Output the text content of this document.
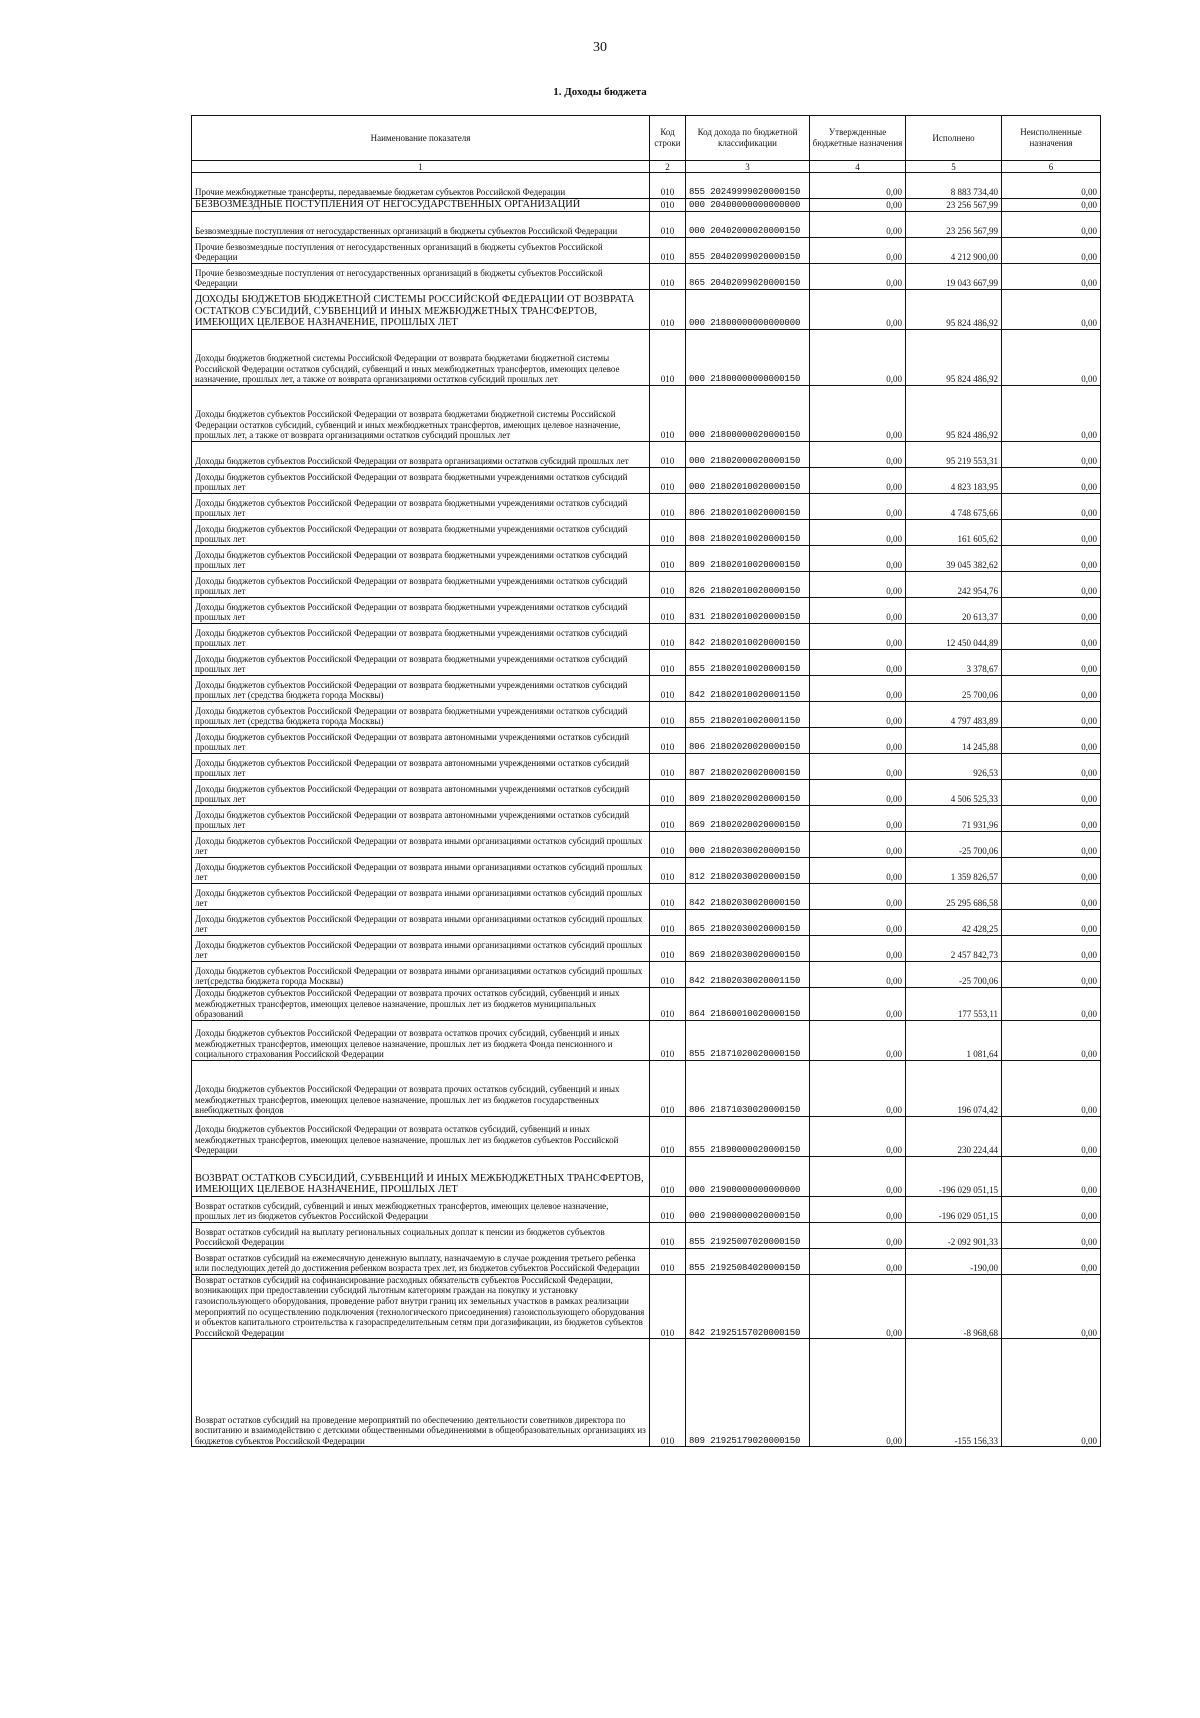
30
1. Доходы бюджета
Наименование показателя	Код строки	Код дохода по бюджетной классификации	Утвержденные бюджетные назначения	Исполнено	Неисполненные назначения
1	2	3	4	5	6
Прочие межбюджетные трансферты, передаваемые бюджетам субъектов Российской Федерации	010	855 20249999020000150	0,00	8 883 734,40	0,00
БЕЗВОЗМЕЗДНЫЕ ПОСТУПЛЕНИЯ ОТ НЕГОСУДАРСТВЕННЫХ ОРГАНИЗАЦИЙ	010	000 20400000000000000	0,00	23 256 567,99	0,00
Безвозмездные поступления от негосударственных организаций в бюджеты субъектов Российской Федерации	010	000 20402000020000150	0,00	23 256 567,99	0,00
Прочие безвозмездные поступления от негосударственных организаций в бюджеты субъектов Российской Федерации	010	855 20402099020000150	0,00	4 212 900,00	0,00
Прочие безвозмездные поступления от негосударственных организаций в бюджеты субъектов Российской Федерации	010	865 20402099020000150	0,00	19 043 667,99	0,00
ДОХОДЫ БЮДЖЕТОВ БЮДЖЕТНОЙ СИСТЕМЫ РОССИЙСКОЙ ФЕДЕРАЦИИ ОТ ВОЗВРАТА ОСТАТКОВ СУБСИДИЙ, СУБВЕНЦИЙ И ИНЫХ МЕЖБЮДЖЕТНЫХ ТРАНСФЕРТОВ, ИМЕЮЩИХ ЦЕЛЕВОЕ НАЗНАЧЕНИЕ, ПРОШЛЫХ ЛЕТ	010	000 21800000000000000	0,00	95 824 486,92	0,00
Доходы бюджетов бюджетной системы Российской Федерации от возврата бюджетами бюджетной системы Российской Федерации остатков субсидий, субвенций и иных межбюджетных трансфертов, имеющих целевое назначение, прошлых лет, а также от возврата организациями остатков субсидий прошлых лет	010	000 21800000000000150	0,00	95 824 486,92	0,00
Доходы бюджетов субъектов Российской Федерации от возврата бюджетами бюджетной системы Российской Федерации остатков субсидий, субвенций и иных межбюджетных трансфертов, имеющих целевое назначение, прошлых лет, а также от возврата организациями остатков субсидий прошлых лет	010	000 21800000020000150	0,00	95 824 486,92	0,00
Доходы бюджетов субъектов Российской Федерации от возврата организациями остатков субсидий прошлых лет	010	000 21802000020000150	0,00	95 219 553,31	0,00
Доходы бюджетов субъектов Российской Федерации от возврата бюджетными учреждениями остатков субсидий прошлых лет	010	000 21802010020000150	0,00	4 823 183,95	0,00
Доходы бюджетов субъектов Российской Федерации от возврата бюджетными учреждениями остатков субсидий прошлых лет	010	806 21802010020000150	0,00	4 748 675,66	0,00
Доходы бюджетов субъектов Российской Федерации от возврата бюджетными учреждениями остатков субсидий прошлых лет	010	808 21802010020000150	0,00	161 605,62	0,00
Доходы бюджетов субъектов Российской Федерации от возврата бюджетными учреждениями остатков субсидий прошлых лет	010	809 21802010020000150	0,00	39 045 382,62	0,00
Доходы бюджетов субъектов Российской Федерации от возврата бюджетными учреждениями остатков субсидий прошлых лет	010	826 21802010020000150	0,00	242 954,76	0,00
Доходы бюджетов субъектов Российской Федерации от возврата бюджетными учреждениями остатков субсидий прошлых лет	010	831 21802010020000150	0,00	20 613,37	0,00
Доходы бюджетов субъектов Российской Федерации от возврата бюджетными учреждениями остатков субсидий прошлых лет	010	842 21802010020000150	0,00	12 450 044,89	0,00
Доходы бюджетов субъектов Российской Федерации от возврата бюджетными учреждениями остатков субсидий прошлых лет	010	855 21802010020000150	0,00	3 378,67	0,00
Доходы бюджетов субъектов Российской Федерации от возврата бюджетными учреждениями остатков субсидий прошлых лет (средства бюджета города Москвы)	010	842 21802010020001150	0,00	25 700,06	0,00
Доходы бюджетов субъектов Российской Федерации от возврата бюджетными учреждениями остатков субсидий прошлых лет (средства бюджета города Москвы)	010	855 21802010020001150	0,00	4 797 483,89	0,00
Доходы бюджетов субъектов Российской Федерации от возврата автономными учреждениями остатков субсидий прошлых лет	010	806 21802020020000150	0,00	14 245,88	0,00
Доходы бюджетов субъектов Российской Федерации от возврата автономными учреждениями остатков субсидий прошлых лет	010	807 21802020020000150	0,00	926,53	0,00
Доходы бюджетов субъектов Российской Федерации от возврата автономными учреждениями остатков субсидий прошлых лет	010	809 21802020020000150	0,00	4 506 525,33	0,00
Доходы бюджетов субъектов Российской Федерации от возврата автономными учреждениями остатков субсидий прошлых лет	010	869 21802020020000150	0,00	71 931,96	0,00
Доходы бюджетов субъектов Российской Федерации от возврата иными организациями остатков субсидий прошлых лет	010	000 21802030020000150	0,00	-25 700,06	0,00
Доходы бюджетов субъектов Российской Федерации от возврата иными организациями остатков субсидий прошлых лет	010	812 21802030020000150	0,00	1 359 826,57	0,00
Доходы бюджетов субъектов Российской Федерации от возврата иными организациями остатков субсидий прошлых лет	010	842 21802030020000150	0,00	25 295 686,58	0,00
Доходы бюджетов субъектов Российской Федерации от возврата иными организациями остатков субсидий прошлых лет	010	865 21802030020000150	0,00	42 428,25	0,00
Доходы бюджетов субъектов Российской Федерации от возврата иными организациями остатков субсидий прошлых лет	010	869 21802030020000150	0,00	2 457 842,73	0,00
Доходы бюджетов субъектов Российской Федерации от возврата иными организациями остатков субсидий прошлых лет(средства бюджета города Москвы)	010	842 21802030020001150	0,00	-25 700,06	0,00
Доходы бюджетов субъектов Российской Федерации от возврата прочих остатков субсидий, субвенций и иных межбюджетных трансфертов, имеющих целевое назначение, прошлых лет из бюджетов муниципальных образований	010	864 21860010020000150	0,00	177 553,11	0,00
Доходы бюджетов субъектов Российской Федерации от возврата остатков прочих субсидий, субвенций и иных межбюджетных трансфертов, имеющих целевое назначение, прошлых лет из бюджета Фонда пенсионного и социального страхования Российской Федерации	010	855 21871020020000150	0,00	1 081,64	0,00
Доходы бюджетов субъектов Российской Федерации от возврата прочих остатков субсидий, субвенций и иных межбюджетных трансфертов, имеющих целевое назначение, прошлых лет из бюджетов государственных внебюджетных фондов	010	806 21871030020000150	0,00	196 074,42	0,00
Доходы бюджетов субъектов Российской Федерации от возврата остатков субсидий, субвенций и иных межбюджетных трансфертов, имеющих целевое назначение, прошлых лет из бюджетов субъектов Российской Федерации	010	855 21890000020000150	0,00	230 224,44	0,00
ВОЗВРАТ ОСТАТКОВ СУБСИДИЙ, СУБВЕНЦИЙ И ИНЫХ МЕЖБЮДЖЕТНЫХ ТРАНСФЕРТОВ, ИМЕЮЩИХ ЦЕЛЕВОЕ НАЗНАЧЕНИЕ, ПРОШЛЫХ ЛЕТ	010	000 21900000000000000	0,00	-196 029 051,15	0,00
Возврат остатков субсидий, субвенций и иных межбюджетных трансфертов, имеющих целевое назначение, прошлых лет из бюджетов субъектов Российской Федерации	010	000 21900000020000150	0,00	-196 029 051,15	0,00
Возврат остатков субсидий на выплату региональных социальных доплат к пенсии из бюджетов субъектов Российской Федерации	010	855 21925007020000150	0,00	-2 092 901,33	0,00
Возврат остатков субсидий на ежемесячную денежную выплату, назначаемую в случае рождения третьего ребенка или последующих детей до достижения ребенком возраста трех лет, из бюджетов субъектов Российской Федерации	010	855 21925084020000150	0,00	-190,00	0,00
Возврат остатков субсидий на софинансирование расходных обязательств субъектов Российской Федерации, возникающих при предоставлении субсидий льготным категориям граждан на покупку и установку газоиспользующего оборудования, проведение работ внутри границ их земельных участков в рамках реализации мероприятий по осуществлению подключения (технологического присоединения) газоиспользующего оборудования и объектов капитального строительства к газораспределительным сетям при догазификации, из бюджетов субъектов Российской Федерации	010	842 21925157020000150	0,00	-8 968,68	0,00
Возврат остатков субсидий на проведение мероприятий по обеспечению деятельности советников директора по воспитанию и взаимодействию с детскими общественными объединениями в общеобразовательных организациях из бюджетов субъектов Российской Федерации	010	809 21925179020000150	0,00	-155 156,33	0,00
